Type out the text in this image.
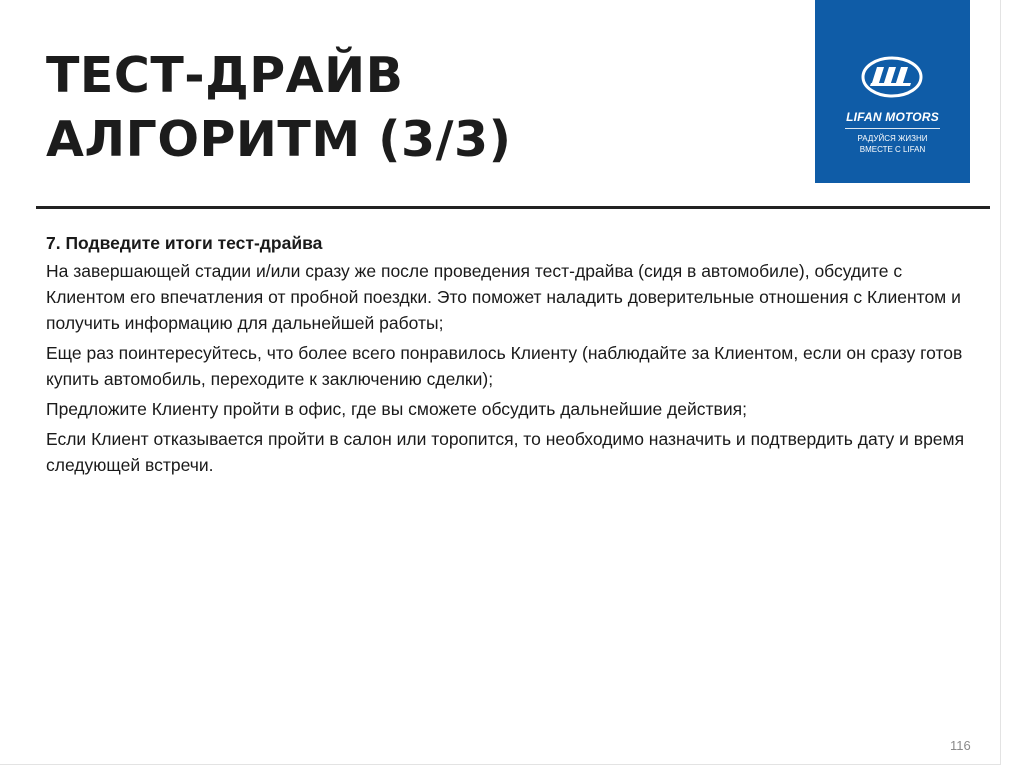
ТЕСТ-ДРАЙВ
АЛГОРИТМ (3/3)	LIFAN MOTORS
РАДУЙСЯ ЖИЗНИ
ВМЕСТЕ С LIFAN

7. Подведите итоги тест-драйва

На завершающей стадии и/или сразу же после проведения тест-драйва (сидя в автомобиле), обсудите с Клиентом его впечатления от пробной поездки. Это поможет наладить доверительные отношения с Клиентом и получить информацию для дальнейшей работы;

Еще раз поинтересуйтесь, что более всего понравилось Клиенту (наблюдайте за Клиентом, если он сразу готов купить автомобиль, переходите к заключению сделки);

Предложите Клиенту пройти в офис, где вы сможете обсудить дальнейшие действия;

Если Клиент отказывается пройти в салон или торопится, то необходимо назначить и подтвердить дату и время следующей встречи.

116
